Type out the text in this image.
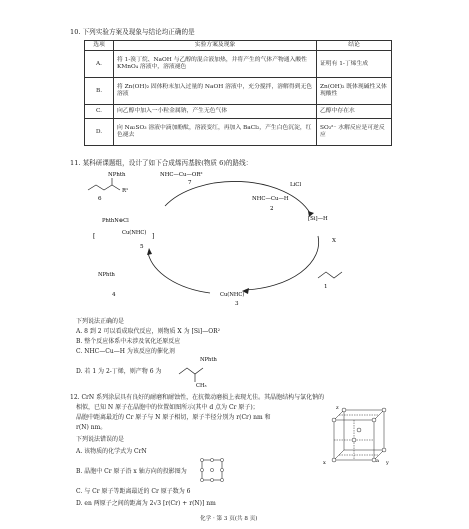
10. 下列实验方案及现象与结论均正确的是
选项	实验方案及现象	结论
A.	将 1-溴丁烷、NaOH 与乙醇的混合液加热，并将产生的气体产物通入酸性 KMnO₄ 溶液中，溶液褪色	证明有 1-丁烯生成
B.	将 Zn(OH)₂ 固体粉末加入过量的 NaOH 溶液中，充分搅拌，溶解得到无色溶液	Zn(OH)₂ 既体现碱性又体现酸性
C.	向乙醇中加入一小粒金属钠，产生无色气体	乙醇中存在水
D.	向 Na₂SO₃ 溶液中滴加酚酞，溶液变红，再加入 BaCl₂，产生白色沉淀，红色褪去	SO₃²⁻ 水解反应是可逆反应
11. 某科研课题组，设计了如下合成烯丙基胺(物质 6)的路线：
NPhth
R¹
6
NHC—Cu—OR²
7	LiCl
[Si]—H
NHC—Cu—H
2
X
PhthN⊕Cl
Cu(NHC)
5
[	]
1
Cu(NHC)
3
NPhth
4
下列说法正确的是
A. 8 到 2 可以看成取代反应，则物质 X 为 [Si]—OR²
B. 整个反应体系中未涉及氧化还原反应
C. NHC—Cu—H 为该反应的催化剂
D. 若 1 为 2-丁烯，则产物 6 为
NPhth
CH₃
12. CrN 系列涂层具有良好的耐磨和耐蚀性，在抗微动磨损上表现尤佳。其晶胞结构与氯化钠的
相似，已知 N 原子在晶胞中的位置如图所示(其中 d 点为 Cr 原子)；
晶胞中距离最近的 Cr 原子与 N 原子相切，原子半径分别为 r(Cr) nm 和
r(N) nm。
下列说法错误的是
A. 该物质的化学式为 CrN
B. 晶胞中 Cr 原子沿 x 轴方向的投影图为
C. 与 Cr 原子等距离最近的 Cr 原子数为 6
D. en 两原子之间的距离为 2√3 [r(Cr) + r(N)] nm
x	y
z
a
化学 · 第 3 页(共 8 页)
